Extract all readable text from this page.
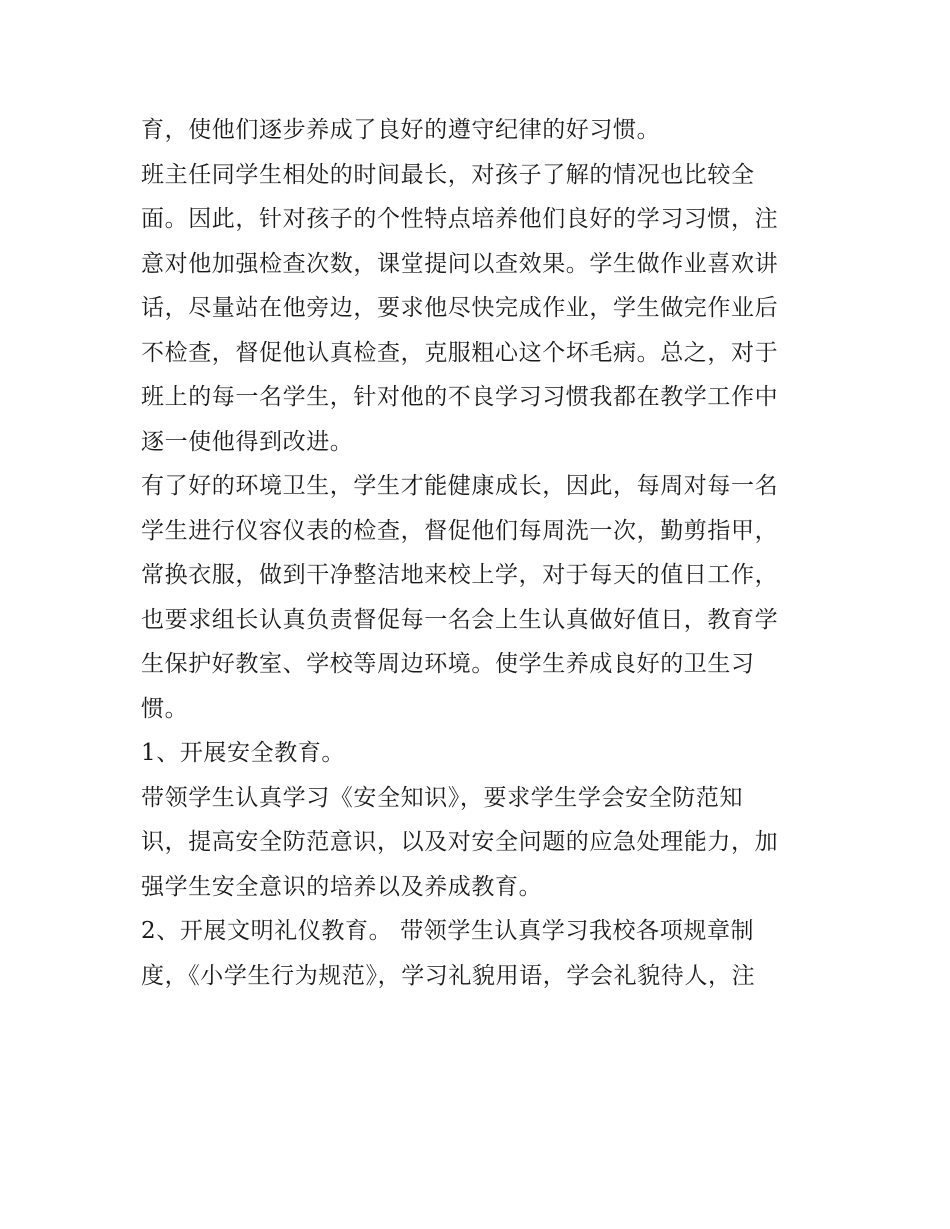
育，使他们逐步养成了良好的遵守纪律的好习惯。
班主任同学生相处的时间最长，对孩子了解的情况也比较全
面。因此，针对孩子的个性特点培养他们良好的学习习惯，注
意对他加强检查次数，课堂提问以查效果。学生做作业喜欢讲
话，尽量站在他旁边，要求他尽快完成作业，学生做完作业后
不检查，督促他认真检查，克服粗心这个坏毛病。总之，对于
班上的每一名学生，针对他的不良学习习惯我都在教学工作中
逐一使他得到改进。
有了好的环境卫生，学生才能健康成长，因此，每周对每一名
学生进行仪容仪表的检查，督促他们每周洗一次，勤剪指甲，
常换衣服，做到干净整洁地来校上学，对于每天的值日工作，
也要求组长认真负责督促每一名会上生认真做好值日，教育学
生保护好教室、学校等周边环境。使学生养成良好的卫生习
惯。
1、开展安全教育。
带领学生认真学习《安全知识》，要求学生学会安全防范知
识，提高安全防范意识，以及对安全问题的应急处理能力，加
强学生安全意识的培养以及养成教育。
2、开展文明礼仪教育。 带领学生认真学习我校各项规章制
度，《小学生行为规范》，学习礼貌用语，学会礼貌待人，注
